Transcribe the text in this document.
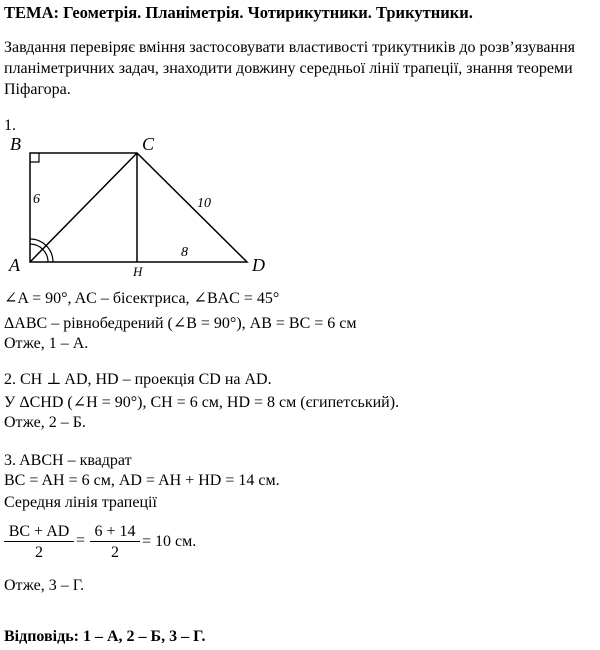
ТЕМА: Геометрія. Планіметрія. Чотирикутники. Трикутники.
Завдання перевіряє вміння застосовувати властивості трикутників до розв’язування планіметричних задач, знаходити довжину середньої лінії трапеції, знання теореми Піфагора.
1.
B	C
A	D
H
6	10
8
∠A = 90°, AC – бісектриса, ∠BAC = 45°
ΔABC – рівнобедрений (∠B = 90°), AB = BC = 6 см
Отже, 1 – А.
2. CH ⊥ AD, HD – проекція CD на AD.
У ΔCHD (∠H = 90°), CH = 6 см, HD = 8 см (єгипетський).
Отже, 2 – Б.
3. ABCH – квадрат
BC = AH = 6 см, AD = AH + HD = 14 см.
Середня лінія трапеції
BC + AD
2
=
6 + 14
2
= 10 см.
Отже, 3 – Г.
Відповідь: 1 – А, 2 – Б, 3 – Г.
